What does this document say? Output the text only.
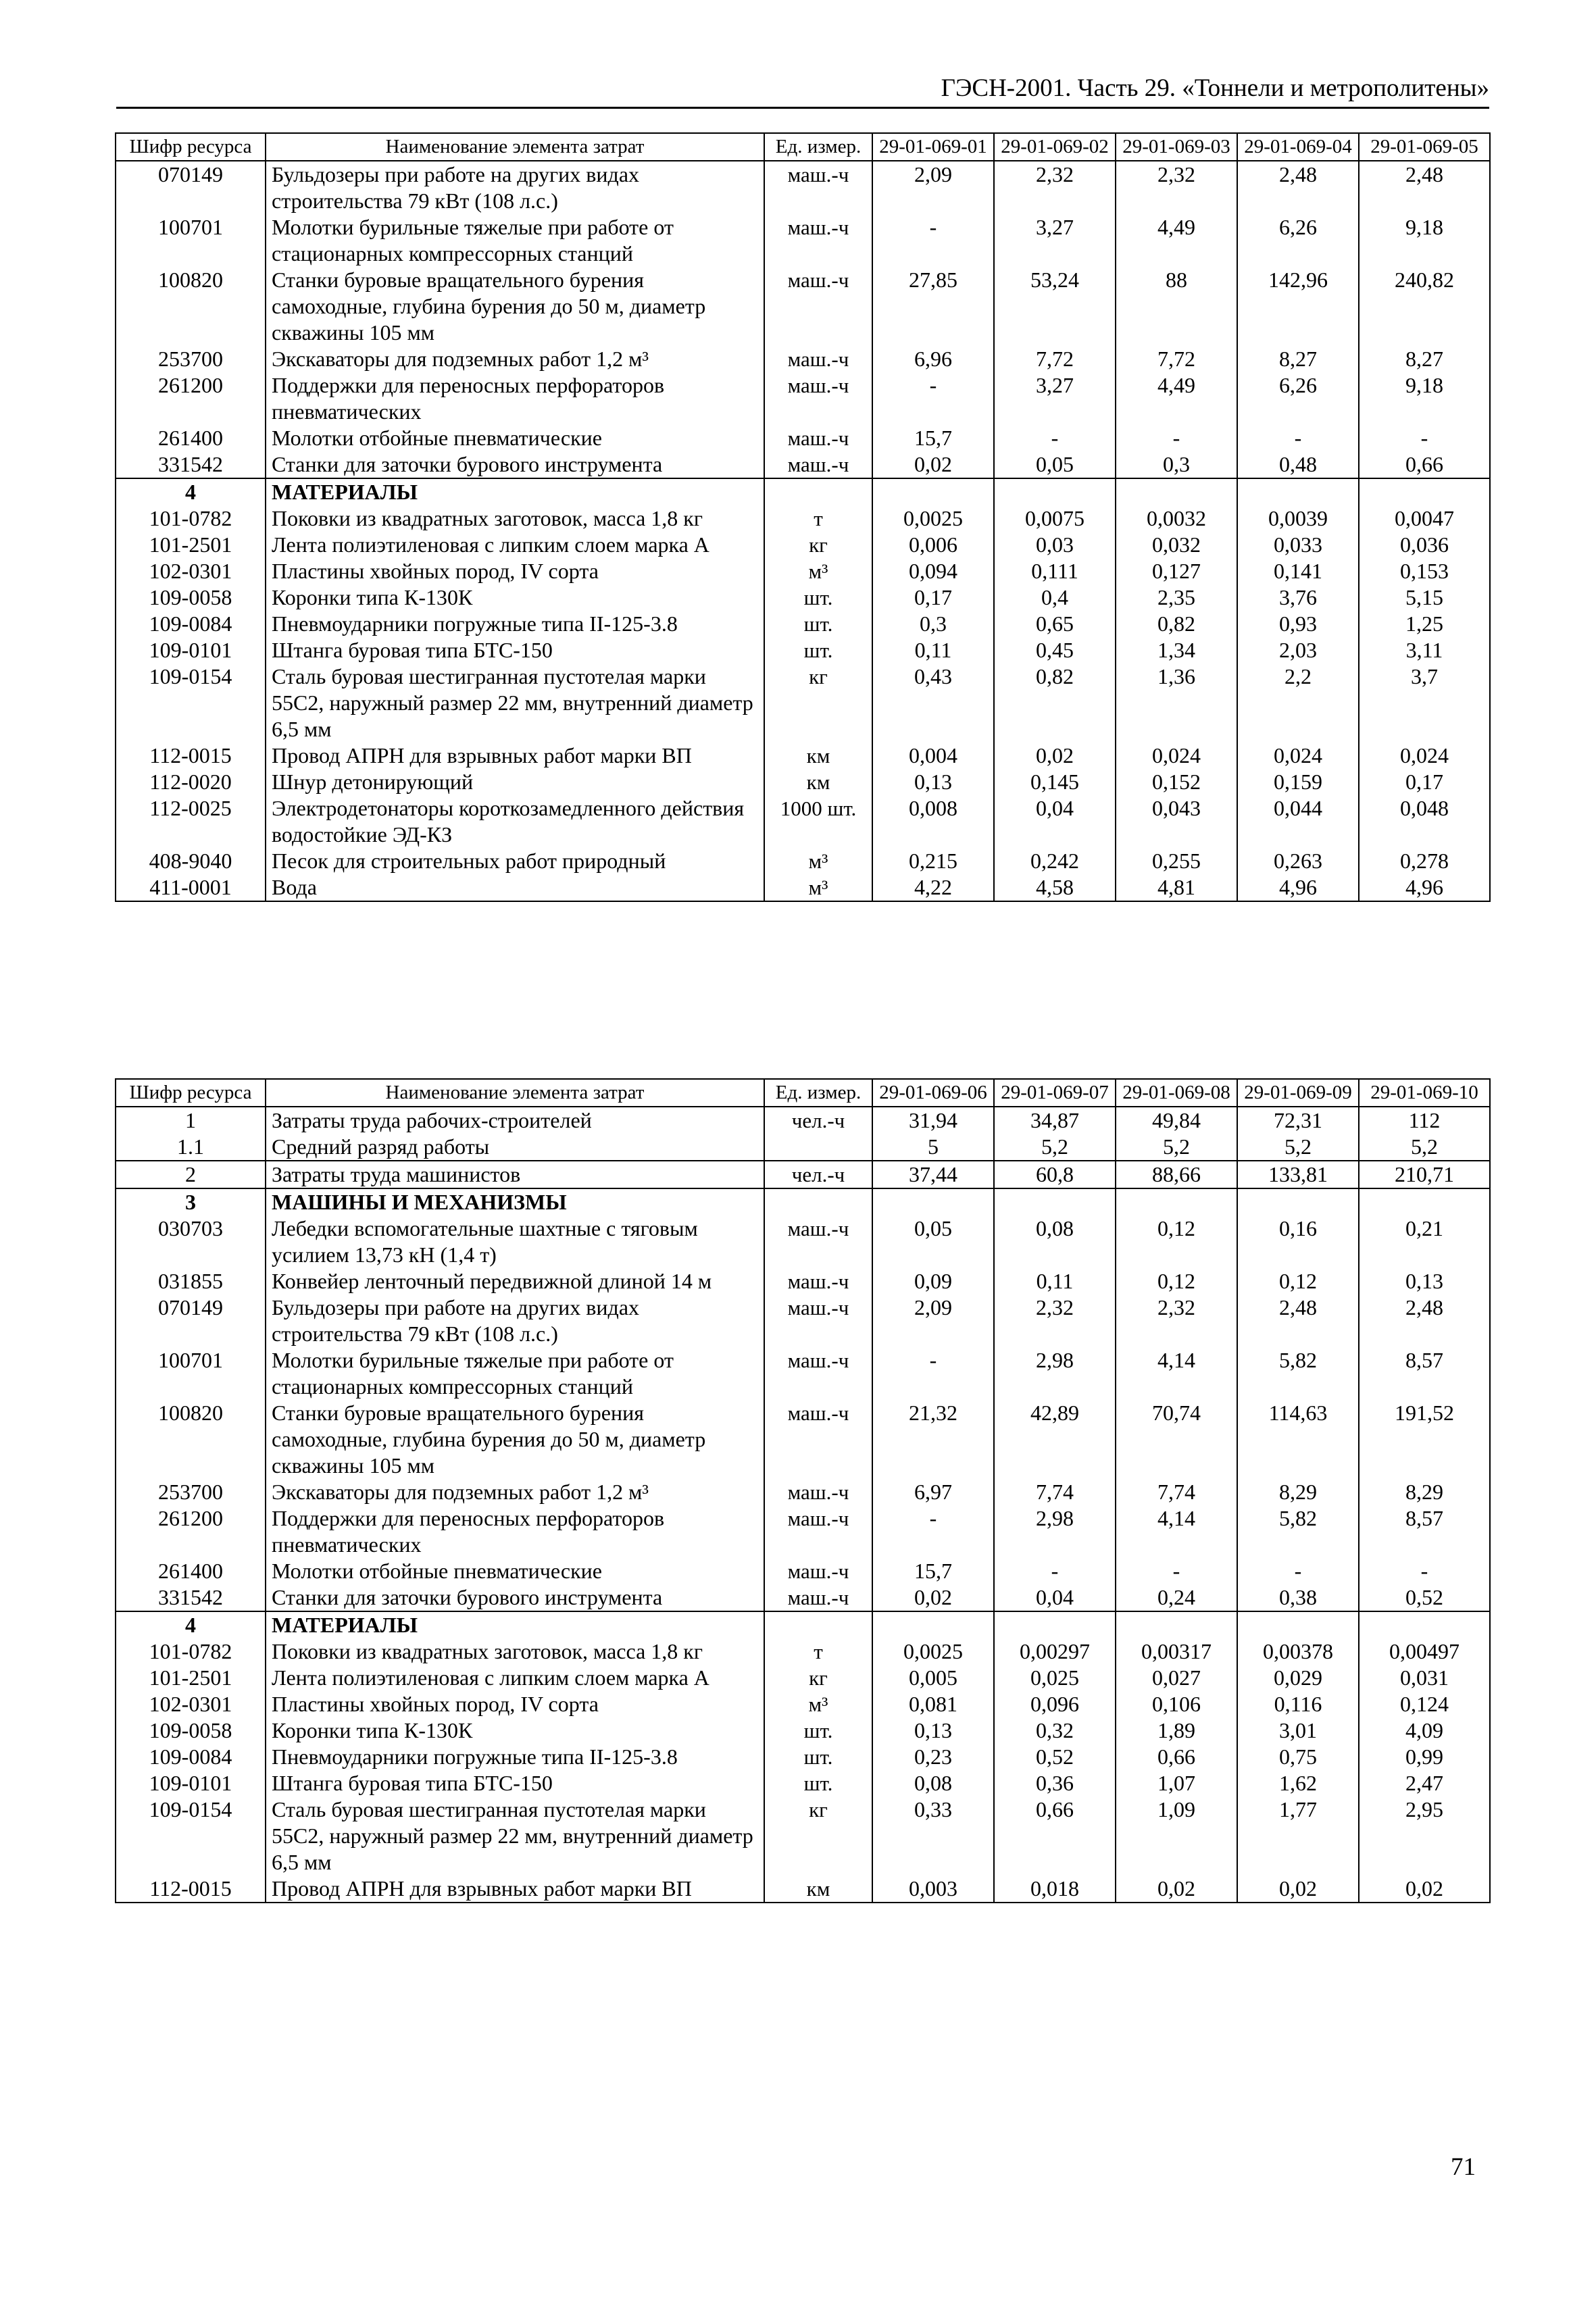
ГЭСН-2001. Часть 29. «Тоннели и метрополитены»
Шифр ресурса	Наименование элемента затрат	Ед. измер.	29-01-069-01	29-01-069-02	29-01-069-03	29-01-069-04	29-01-069-05
070149	Бульдозеры при работе на других видах строительства 79 кВт (108 л.с.)	маш.-ч	2,09	2,32	2,32	2,48	2,48
100701	Молотки бурильные тяжелые при работе от стационарных компрессорных станций	маш.-ч	-	3,27	4,49	6,26	9,18
100820	Станки буровые вращательного бурения самоходные, глубина бурения до 50 м, диаметр скважины 105 мм	маш.-ч	27,85	53,24	88	142,96	240,82
253700	Экскаваторы для подземных работ 1,2 м³	маш.-ч	6,96	7,72	7,72	8,27	8,27
261200	Поддержки для переносных перфораторов пневматических	маш.-ч	-	3,27	4,49	6,26	9,18
261400	Молотки отбойные пневматические	маш.-ч	15,7	-	-	-	-
331542	Станки для заточки бурового инструмента	маш.-ч	0,02	0,05	0,3	0,48	0,66
4	МАТЕРИАЛЫ						
101-0782	Поковки из квадратных заготовок, масса 1,8 кг	т	0,0025	0,0075	0,0032	0,0039	0,0047
101-2501	Лента полиэтиленовая с липким слоем марка А	кг	0,006	0,03	0,032	0,033	0,036
102-0301	Пластины хвойных пород, IV сорта	м³	0,094	0,111	0,127	0,141	0,153
109-0058	Коронки типа К-130К	шт.	0,17	0,4	2,35	3,76	5,15
109-0084	Пневмоударники погружные типа II-125-3.8	шт.	0,3	0,65	0,82	0,93	1,25
109-0101	Штанга буровая типа БТС-150	шт.	0,11	0,45	1,34	2,03	3,11
109-0154	Сталь буровая шестигранная пустотелая марки 55С2, наружный размер 22 мм, внутренний диаметр 6,5 мм	кг	0,43	0,82	1,36	2,2	3,7
112-0015	Провод АПРН для взрывных работ марки ВП	км	0,004	0,02	0,024	0,024	0,024
112-0020	Шнур детонирующий	км	0,13	0,145	0,152	0,159	0,17
112-0025	Электродетонаторы короткозамедленного действия водостойкие ЭД-КЗ	1000 шт.	0,008	0,04	0,043	0,044	0,048
408-9040	Песок для строительных работ природный	м³	0,215	0,242	0,255	0,263	0,278
411-0001	Вода	м³	4,22	4,58	4,81	4,96	4,96
Шифр ресурса	Наименование элемента затрат	Ед. измер.	29-01-069-06	29-01-069-07	29-01-069-08	29-01-069-09	29-01-069-10
1	Затраты труда рабочих-строителей	чел.-ч	31,94	34,87	49,84	72,31	112
1.1	Средний разряд работы		5	5,2	5,2	5,2	5,2
2	Затраты труда машинистов	чел.-ч	37,44	60,8	88,66	133,81	210,71
3	МАШИНЫ И МЕХАНИЗМЫ						
030703	Лебедки вспомогательные шахтные с тяговым усилием 13,73 кН (1,4 т)	маш.-ч	0,05	0,08	0,12	0,16	0,21
031855	Конвейер ленточный передвижной длиной 14 м	маш.-ч	0,09	0,11	0,12	0,12	0,13
070149	Бульдозеры при работе на других видах строительства 79 кВт (108 л.с.)	маш.-ч	2,09	2,32	2,32	2,48	2,48
100701	Молотки бурильные тяжелые при работе от стационарных компрессорных станций	маш.-ч	-	2,98	4,14	5,82	8,57
100820	Станки буровые вращательного бурения самоходные, глубина бурения до 50 м, диаметр скважины 105 мм	маш.-ч	21,32	42,89	70,74	114,63	191,52
253700	Экскаваторы для подземных работ 1,2 м³	маш.-ч	6,97	7,74	7,74	8,29	8,29
261200	Поддержки для переносных перфораторов пневматических	маш.-ч	-	2,98	4,14	5,82	8,57
261400	Молотки отбойные пневматические	маш.-ч	15,7	-	-	-	-
331542	Станки для заточки бурового инструмента	маш.-ч	0,02	0,04	0,24	0,38	0,52
4	МАТЕРИАЛЫ						
101-0782	Поковки из квадратных заготовок, масса 1,8 кг	т	0,0025	0,00297	0,00317	0,00378	0,00497
101-2501	Лента полиэтиленовая с липким слоем марка А	кг	0,005	0,025	0,027	0,029	0,031
102-0301	Пластины хвойных пород, IV сорта	м³	0,081	0,096	0,106	0,116	0,124
109-0058	Коронки типа К-130К	шт.	0,13	0,32	1,89	3,01	4,09
109-0084	Пневмоударники погружные типа II-125-3.8	шт.	0,23	0,52	0,66	0,75	0,99
109-0101	Штанга буровая типа БТС-150	шт.	0,08	0,36	1,07	1,62	2,47
109-0154	Сталь буровая шестигранная пустотелая марки 55С2, наружный размер 22 мм, внутренний диаметр 6,5 мм	кг	0,33	0,66	1,09	1,77	2,95
112-0015	Провод АПРН для взрывных работ марки ВП	км	0,003	0,018	0,02	0,02	0,02
71
